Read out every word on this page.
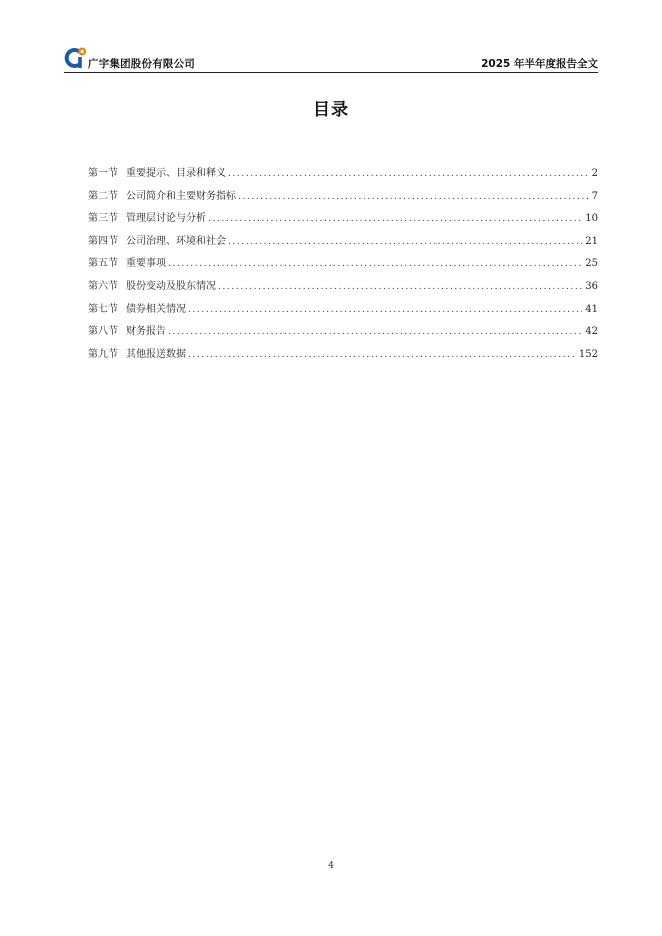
广宇集团股份有限公司	2025 年半年度报告全文
目录
第一节 重要提示、目录和释义 .....	2
第二节 公司简介和主要财务指标 .....	7
第三节 管理层讨论与分析 .....	10
第四节 公司治理、环境和社会 .....	21
第五节 重要事项 .....	25
第六节 股份变动及股东情况 .....	36
第七节 债券相关情况 .....	41
第八节 财务报告 .....	42
第九节 其他报送数据 .....	152
4
